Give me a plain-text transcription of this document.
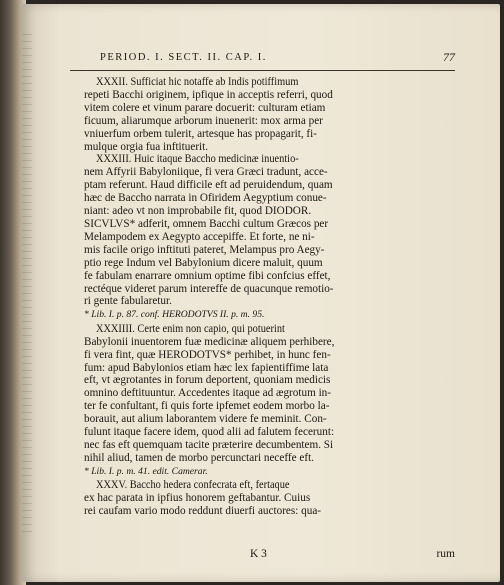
PERIOD. I. SECT. II. CAP. I.	77
XXXII. Sufficiat hic notaffe ab Indis potiffimum
repeti Bacchi originem, ipfique in acceptis referri, quod
vitem colere et vinum parare docuerit: culturam etiam
ficuum, aliarumque arborum inuenerit: mox arma per
vniuerfum orbem tulerit, artesque has propagarit, fi-
mulque orgia fua inftituerit.
XXXIII. Huic itaque Baccho medicinæ inuentio-
nem Affyrii Babyloniique, fi vera Græci tradunt, acce-
ptam referunt. Haud difficile eft ad peruidendum, quam
hæc de Baccho narrata in Ofiridem Aegyptium conue-
niant: adeo vt non improbabile fit, quod DIODOR.
SICVLVS* adferit, omnem Bacchi cultum Græcos per
Melampodem ex Aegypto accepiffe. Et forte, ne ni-
mis facile origo inftituti pateret, Melampus pro Aegy-
ptio rege Indum vel Babylonium dicere maluit, quum
fe fabulam enarrare omnium optime fibi confcius effet,
rectéque videret parum intereffe de quacunque remotio-
ri gente fabularetur.
* Lib. I. p. 87. conf. HERODOTVS II. p. m. 95.
XXXIIII. Certe enim non capio, qui potuerint
Babylonii inuentorem fuæ medicinæ aliquem perhibere,
fi vera fint, quæ HERODOTVS* perhibet, in hunc fen-
fum: apud Babylonios etiam hæc lex fapientiffime lata
eft, vt ægrotantes in forum deportent, quoniam medicis
omnino deftituuntur. Accedentes itaque ad ægrotum in-
ter fe confultant, fi quis forte ipfemet eodem morbo la-
borauit, aut alium laborantem videre fe meminit. Con-
fulunt itaque facere idem, quod alii ad falutem fecerunt:
nec fas eft quemquam tacite præterire decumbentem. Si
nihil aliud, tamen de morbo percunctari neceffe eft.
* Lib. I. p. m. 41. edit. Camerar.
XXXV. Baccho hedera confecrata eft, fertaque
ex hac parata in ipfius honorem geftabantur. Cuius
rei caufam vario modo reddunt diuerfi auctores: qua-
K 3	rum
